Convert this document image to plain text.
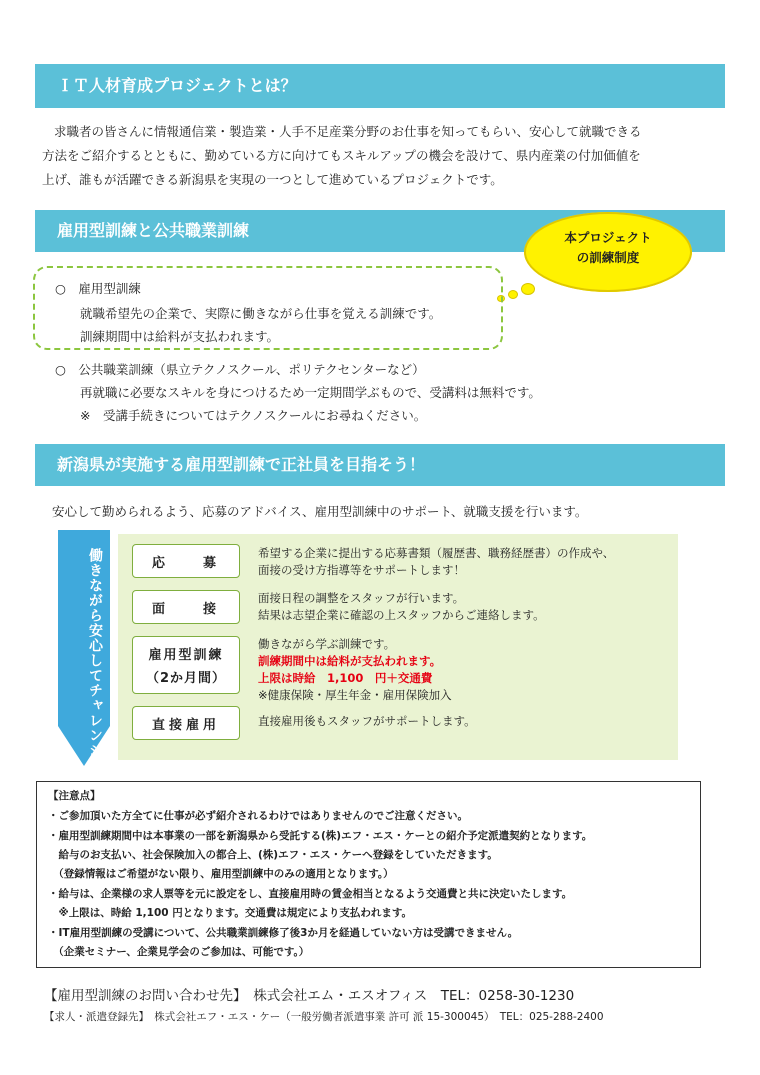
ＩＴ人材育成プロジェクトとは？
求職者の皆さんに情報通信業・製造業・人手不足産業分野のお仕事を知ってもらい、安心して就職できる
方法をご紹介するとともに、勤めている方に向けてもスキルアップの機会を設けて、県内産業の付加価値を
上げ、誰もが活躍できる新潟県を実現の一つとして進めているプロジェクトです。
雇用型訓練と公共職業訓練	本プロジェクト
の訓練制度
○　雇用型訓練
就職希望先の企業で、実際に働きながら仕事を覚える訓練です。
訓練期間中は給料が支払われます。
○　公共職業訓練（県立テクノスクール、ポリテクセンターなど）
再就職に必要なスキルを身につけるため一定期間学ぶもので、受講料は無料です。
※　受講手続きについてはテクノスクールにお尋ねください。
新潟県が実施する雇用型訓練で正社員を目指そう！
安心して勤められるよう、応募のアドバイス、雇用型訓練中のサポート、就職支援を行います。
働きながら安心してチャレンジできます	応　　募
希望する企業に提出する応募書類（履歴書、職務経歴書）の作成や、
面接の受け方指導等をサポートします！
面　　接
面接日程の調整をスタッフが行います。
結果は志望企業に確認の上スタッフからご連絡します。
雇用型訓練
（2か月間）
働きながら学ぶ訓練です。
訓練期間中は給料が支払われます。
上限は時給　1,100　円＋交通費
※健康保険・厚生年金・雇用保険加入
直接雇用	直接雇用後もスタッフがサポートします。
【注意点】
・ご参加頂いた方全てに仕事が必ず紹介されるわけではありませんのでご注意ください。
・雇用型訓練期間中は本事業の一部を新潟県から受託する(株)エフ・エス・ケーとの紹介予定派遣契約となります。
　給与のお支払い、社会保険加入の都合上、(株)エフ・エス・ケーへ登録をしていただきます。
　（登録情報はご希望がない限り、雇用型訓練中のみの適用となります。）
・給与は、企業様の求人票等を元に設定をし、直接雇用時の賃金相当となるよう交通費と共に決定いたします。
　※上限は、時給 1,100 円となります。交通費は規定により支払われます。
・IT雇用型訓練の受講について、公共職業訓練修了後3か月を経過していない方は受講できません。
　（企業セミナー、企業見学会のご参加は、可能です。）
【雇用型訓練のお問い合わせ先】　株式会社エム・エスオフィス　TEL：0258-30-1230
【求人・派遣登録先】　株式会社エフ・エス・ケー（一般労働者派遣事業 許可 派 15-300045）　TEL：025-288-2400
